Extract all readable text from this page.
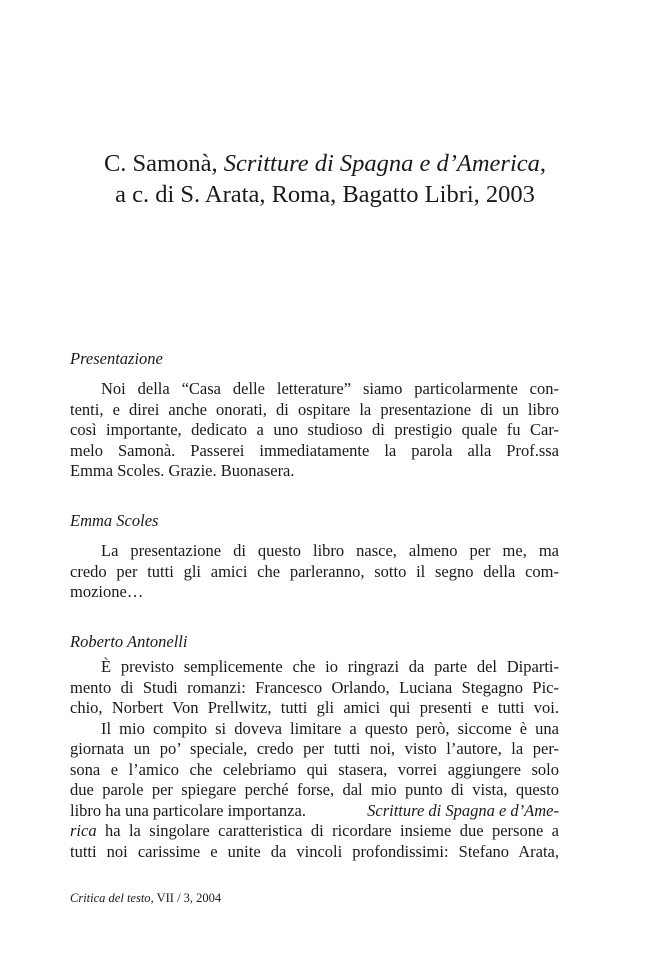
C. Samonà, Scritture di Spagna e d’America,
a c. di S. Arata, Roma, Bagatto Libri, 2003
Presentazione
Noi della “Casa delle letterature” siamo particolarmente con-
tenti, e direi anche onorati, di ospitare la presentazione di un libro
così importante, dedicato a uno studioso di prestigio quale fu Car-
melo Samonà. Passerei immediatamente la parola alla Prof.ssa
Emma Scoles. Grazie. Buonasera.
Emma Scoles
La presentazione di questo libro nasce, almeno per me, ma
credo per tutti gli amici che parleranno, sotto il segno della com-
mozione…
Roberto Antonelli
È previsto semplicemente che io ringrazi da parte del Diparti-
mento di Studi romanzi: Francesco Orlando, Luciana Stegagno Pic-
chio, Norbert Von Prellwitz, tutti gli amici qui presenti e tutti voi.
Il mio compito si doveva limitare a questo però, siccome è una
giornata un po’ speciale, credo per tutti noi, visto l’autore, la per-
sona e l’amico che celebriamo qui stasera, vorrei aggiungere solo
due parole per spiegare perché forse, dal mio punto di vista, questo
libro ha una particolare importanza.	Scritture di Spagna e d’Ame-
rica ha la singolare caratteristica di ricordare insieme due persone a
tutti noi carissime e unite da vincoli profondissimi: Stefano Arata,
Critica del testo, VII / 3, 2004
